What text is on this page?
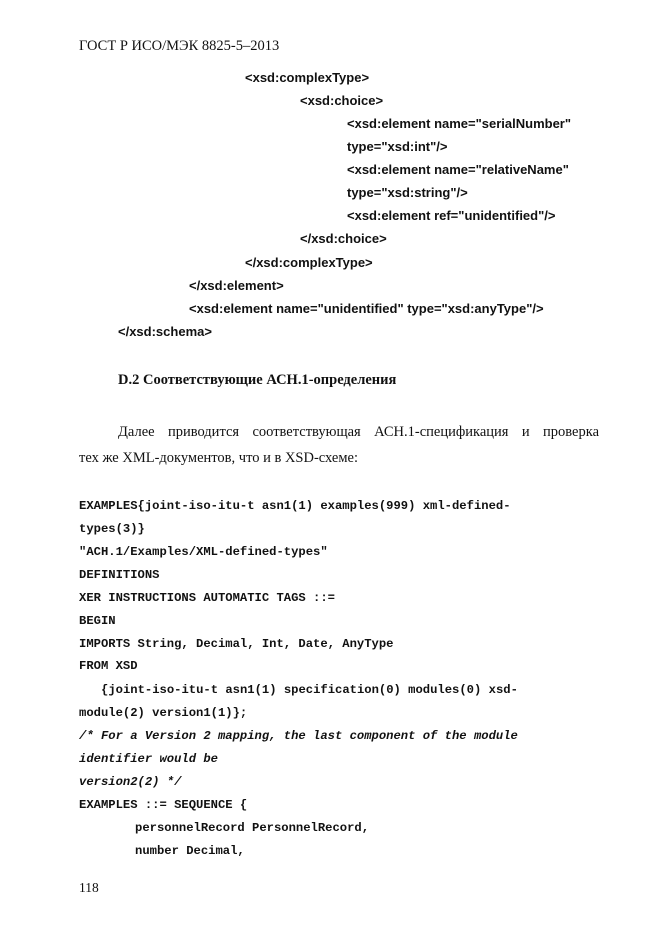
ГОСТ Р ИСО/МЭК 8825-5–2013
<xsd:complexType>
<xsd:choice>
<xsd:element name="serialNumber"
type="xsd:int"/>
<xsd:element name="relativeName"
type="xsd:string"/>
<xsd:element ref="unidentified"/>
</xsd:choice>
</xsd:complexType>
</xsd:element>
<xsd:element name="unidentified" type="xsd:anyType"/>
</xsd:schema>
D.2 Соответствующие АСН.1-определения
Далее приводится соответствующая АСН.1-спецификация и проверка
тех же XML-документов, что и в XSD-схеме:
EXAMPLES{joint-iso-itu-t asn1(1) examples(999) xml-defined-
types(3)}
"АСН.1/Examples/XML-defined-types"
DEFINITIONS
XER INSTRUCTIONS AUTOMATIC TAGS ::=
BEGIN
IMPORTS String, Decimal, Int, Date, AnyType
FROM XSD
{joint-iso-itu-t asn1(1) specification(0) modules(0) xsd-
module(2) version1(1)};
/* For a Version 2 mapping, the last component of the module
identifier would be
version2(2) */
EXAMPLES ::= SEQUENCE {
personnelRecord PersonnelRecord,
number Decimal,
118
